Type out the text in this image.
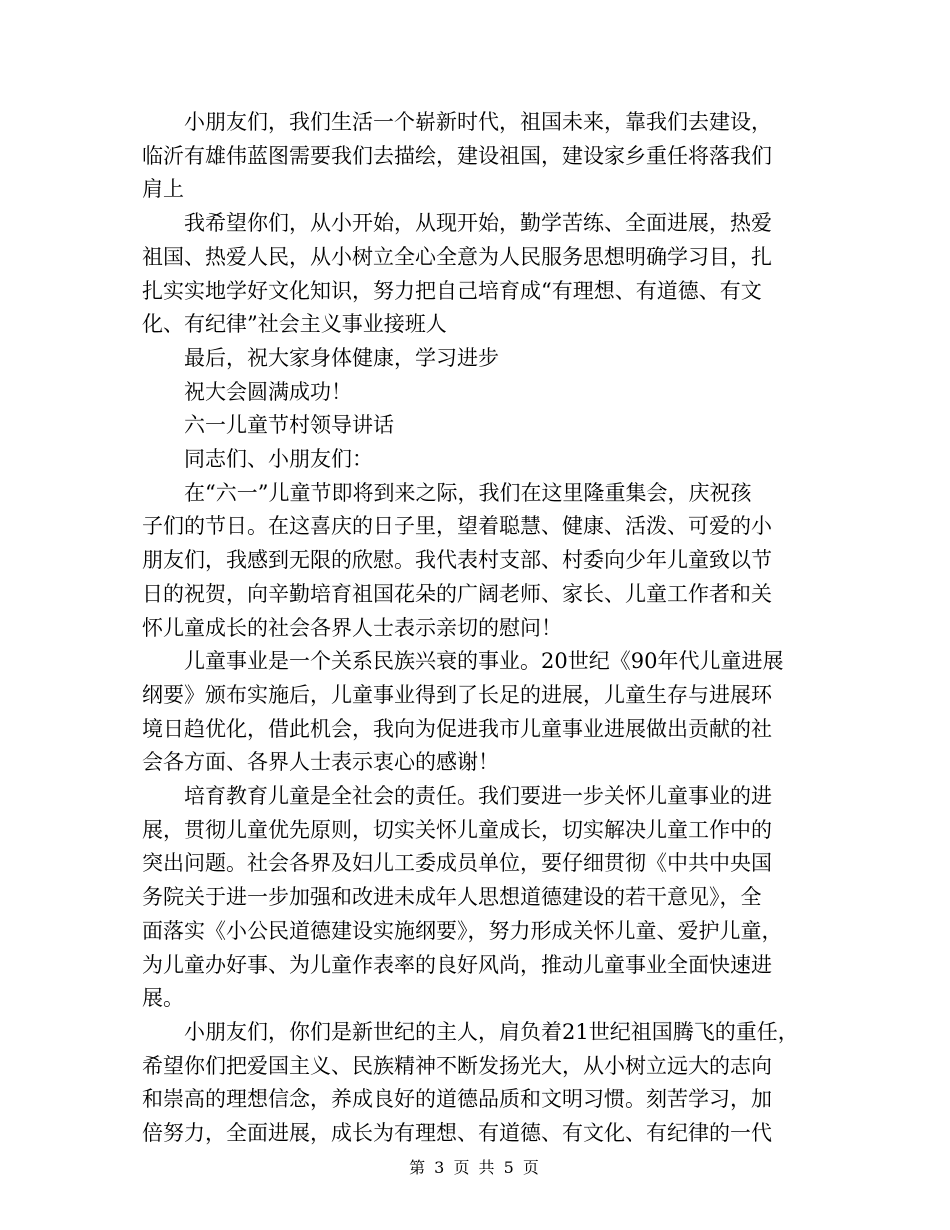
小朋友们，我们生活一个崭新时代，祖国未来，靠我们去建设，
临沂有雄伟蓝图需要我们去描绘，建设祖国，建设家乡重任将落我们
肩上

我希望你们，从小开始，从现开始，勤学苦练、全面进展，热爱
祖国、热爱人民，从小树立全心全意为人民服务思想明确学习目，扎
扎实实地学好文化知识，努力把自己培育成“有理想、有道德、有文
化、有纪律”社会主义事业接班人

最后，祝大家身体健康，学习进步

祝大会圆满成功！

六一儿童节村领导讲话

同志们、小朋友们：

在“六一”儿童节即将到来之际，我们在这里隆重集会，庆祝孩
子们的节日。在这喜庆的日子里，望着聪慧、健康、活泼、可爱的小
朋友们，我感到无限的欣慰。我代表村支部、村委向少年儿童致以节
日的祝贺，向辛勤培育祖国花朵的广阔老师、家长、儿童工作者和关
怀儿童成长的社会各界人士表示亲切的慰问！

儿童事业是一个关系民族兴衰的事业。20世纪《90年代儿童进展
纲要》颁布实施后，儿童事业得到了长足的进展，儿童生存与进展环
境日趋优化，借此机会，我向为促进我市儿童事业进展做出贡献的社
会各方面、各界人士表示衷心的感谢！

培育教育儿童是全社会的责任。我们要进一步关怀儿童事业的进
展，贯彻儿童优先原则，切实关怀儿童成长，切实解决儿童工作中的
突出问题。社会各界及妇儿工委成员单位，要仔细贯彻《中共中央国
务院关于进一步加强和改进未成年人思想道德建设的若干意见》，全
面落实《小公民道德建设实施纲要》，努力形成关怀儿童、爱护儿童，
为儿童办好事、为儿童作表率的良好风尚，推动儿童事业全面快速进
展。

小朋友们，你们是新世纪的主人，肩负着21世纪祖国腾飞的重任，
希望你们把爱国主义、民族精神不断发扬光大，从小树立远大的志向
和崇高的理想信念，养成良好的道德品质和文明习惯。刻苦学习，加
倍努力，全面进展，成长为有理想、有道德、有文化、有纪律的一代

第 3 页 共 5 页
